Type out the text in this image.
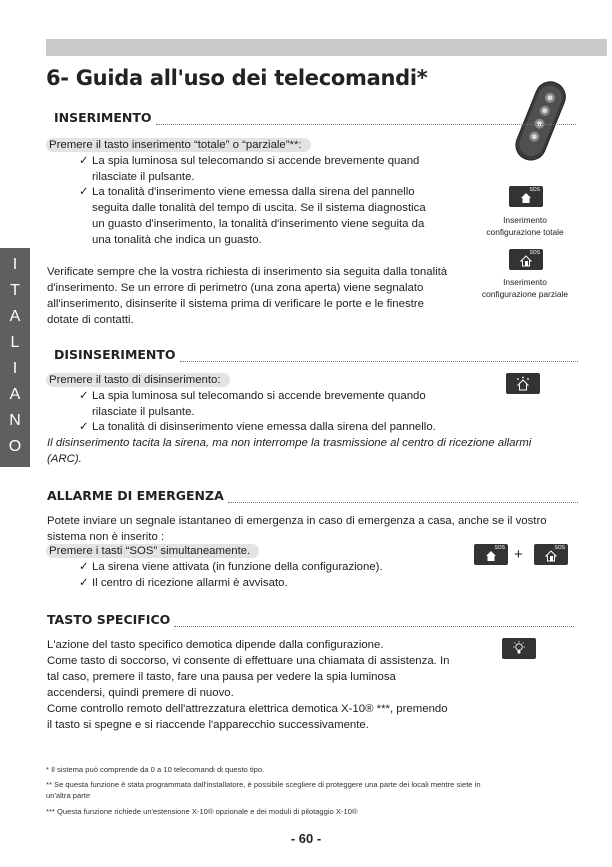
6- Guida all'uso dei telecomandi*
INSERIMENTO
Premere il tasto inserimento “totale” o “parziale”**:
✓ La spia luminosa sul telecomando si accende brevemente quand
rilasciate il pulsante.
✓ La tonalità d'inserimento viene emessa dalla sirena del pannello
seguita dalle tonalità del tempo di uscita. Se il sistema diagnostica
un guasto d'inserimento, la tonalità d'inserimento viene seguita da
una tonalità che indica un guasto.
SOS
Inserimento
configurazione totale
SOS
Inserimento
configurazione parziale
Verificate sempre che la vostra richiesta di inserimento sia seguita dalla tonalità
d'inserimento. Se un errore di perimetro (una zona aperta) viene segnalato
all'inserimento, disinserite il sistema prima di verificare le porte e le finestre
dotate di contatti.
I
T
A
L
I
A
N
O
DISINSERIMENTO
Premere il tasto di disinserimento:
✓ La spia luminosa sul telecomando si accende brevemente quando
rilasciate il pulsante.
✓ La tonalità di disinserimento viene emessa dalla sirena del pannello.
Il disinserimento tacita la sirena, ma non interrompe la trasmissione al centro di ricezione allarmi
(ARC).
ALLARME DI EMERGENZA
Potete inviare un segnale istantaneo di emergenza in caso di emergenza a casa, anche se il vostro
sistema non è inserito :
Premere i tasti “SOS” simultaneamente.
✓ La sirena viene attivata (in funzione della configurazione).
✓ Il centro di ricezione allarmi è avvisato.
SOS +	SOS
TASTO SPECIFICO
L'azione del tasto specifico demotica dipende dalla configurazione.
Come tasto di soccorso, vi consente di effettuare una chiamata di assistenza. In
tal caso, premere il tasto, fare una pausa per vedere la spia luminosa
accendersi, quindi premere di nuovo.
Come controllo remoto dell'attrezzatura elettrica demotica X-10® ***, premendo
il tasto si spegne e si riaccende l'apparecchio successivamente.
* Il sistema può comprende da 0 a 10 telecomandi di questo tipo.
** Se questa funzione è stata programmata dall'installatore, è possibile scegliere di proteggere una parte dei locali mentre siete in
un'altra parte
*** Questa funzione richiede un'estensione X-10® opzionale e dei moduli di pilotaggio X-10®
- 60 -
